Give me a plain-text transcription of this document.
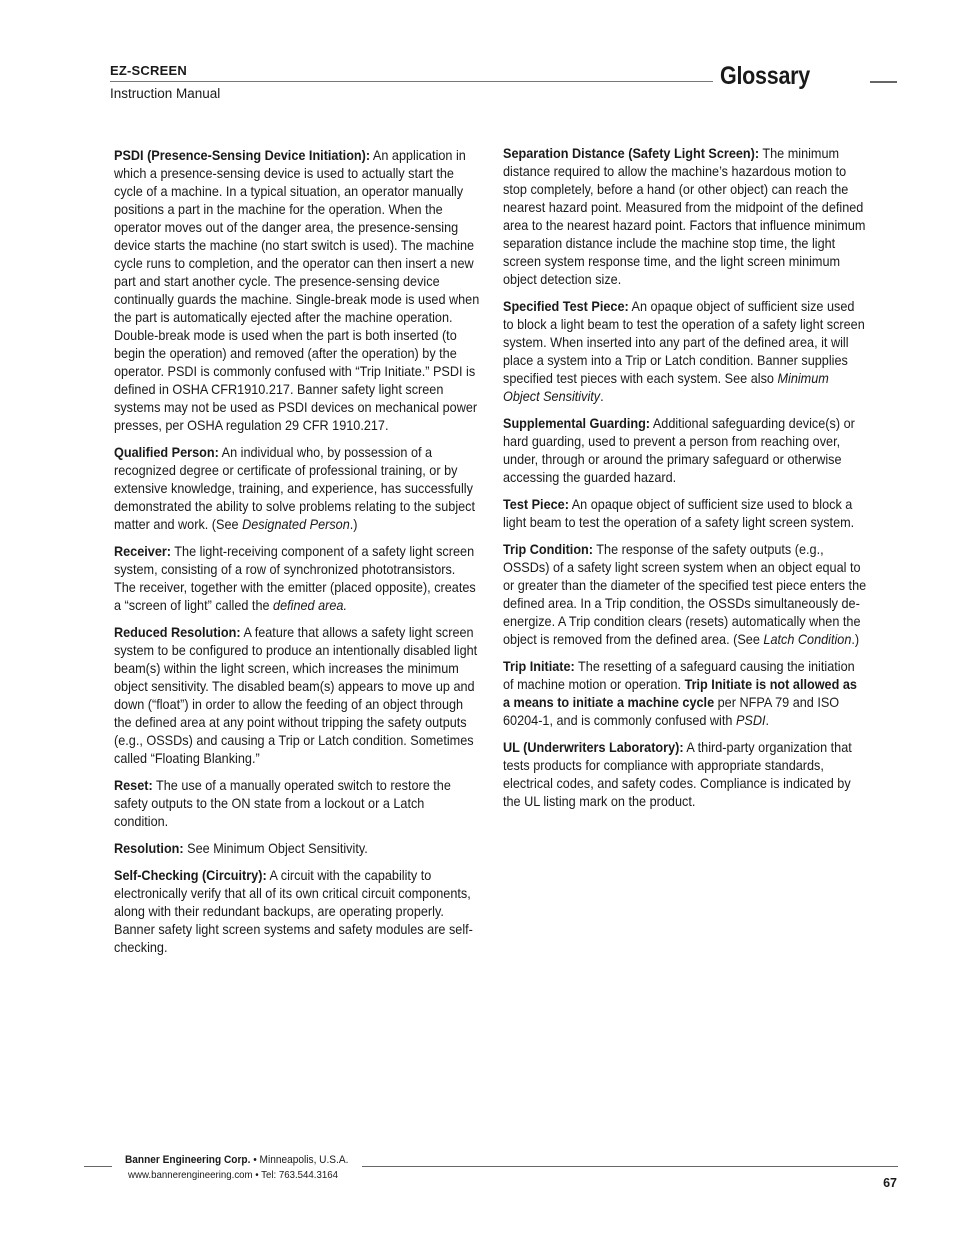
EZ-SCREEN
Instruction Manual
Glossary

PSDI (Presence-Sensing Device Initiation): An application in which a presence-sensing device is used to actually start the cycle of a machine. In a typical situation, an operator manually positions a part in the machine for the operation. When the operator moves out of the danger area, the presence-sensing device starts the machine (no start switch is used). The machine cycle runs to completion, and the operator can then insert a new part and start another cycle. The presence-sensing device continually guards the machine. Single-break mode is used when the part is automatically ejected after the machine operation. Double-break mode is used when the part is both inserted (to begin the operation) and removed (after the operation) by the operator. PSDI is commonly confused with “Trip Initiate.” PSDI is defined in OSHA CFR1910.217. Banner safety light screen systems may not be used as PSDI devices on mechanical power presses, per OSHA regulation 29 CFR 1910.217.

Qualified Person: An individual who, by possession of a recognized degree or certificate of professional training, or by extensive knowledge, training, and experience, has successfully demonstrated the ability to solve problems relating to the subject matter and work. (See Designated Person.)

Receiver: The light-receiving component of a safety light screen system, consisting of a row of synchronized phototransistors. The receiver, together with the emitter (placed opposite), creates a “screen of light” called the defined area.

Reduced Resolution: A feature that allows a safety light screen system to be configured to produce an intentionally disabled light beam(s) within the light screen, which increases the minimum object sensitivity. The disabled beam(s) appears to move up and down (“float”) in order to allow the feeding of an object through the defined area at any point without tripping the safety outputs (e.g., OSSDs) and causing a Trip or Latch condition. Sometimes called “Floating Blanking.”

Reset: The use of a manually operated switch to restore the safety outputs to the ON state from a lockout or a Latch condition.

Resolution: See Minimum Object Sensitivity.

Self-Checking (Circuitry): A circuit with the capability to electronically verify that all of its own critical circuit components, along with their redundant backups, are operating properly. Banner safety light screen systems and safety modules are self-checking.

Separation Distance (Safety Light Screen): The minimum distance required to allow the machine’s hazardous motion to stop completely, before a hand (or other object) can reach the nearest hazard point. Measured from the midpoint of the defined area to the nearest hazard point. Factors that influence minimum separation distance include the machine stop time, the light screen system response time, and the light screen minimum object detection size.

Specified Test Piece: An opaque object of sufficient size used to block a light beam to test the operation of a safety light screen system. When inserted into any part of the defined area, it will place a system into a Trip or Latch condition. Banner supplies specified test pieces with each system. See also Minimum Object Sensitivity.

Supplemental Guarding: Additional safeguarding device(s) or hard guarding, used to prevent a person from reaching over, under, through or around the primary safeguard or otherwise accessing the guarded hazard.

Test Piece: An opaque object of sufficient size used to block a light beam to test the operation of a safety light screen system.

Trip Condition: The response of the safety outputs (e.g., OSSDs) of a safety light screen system when an object equal to or greater than the diameter of the specified test piece enters the defined area. In a Trip condition, the OSSDs simultaneously de-energize. A Trip condition clears (resets) automatically when the object is removed from the defined area. (See Latch Condition.)

Trip Initiate: The resetting of a safeguard causing the initiation of machine motion or operation. Trip Initiate is not allowed as a means to initiate a machine cycle per NFPA 79 and ISO 60204-1, and is commonly confused with PSDI.

UL (Underwriters Laboratory): A third-party organization that tests products for compliance with appropriate standards, electrical codes, and safety codes. Compliance is indicated by the UL listing mark on the product.

Banner Engineering Corp. • Minneapolis, U.S.A.
www.bannerengineering.com • Tel: 763.544.3164
67
